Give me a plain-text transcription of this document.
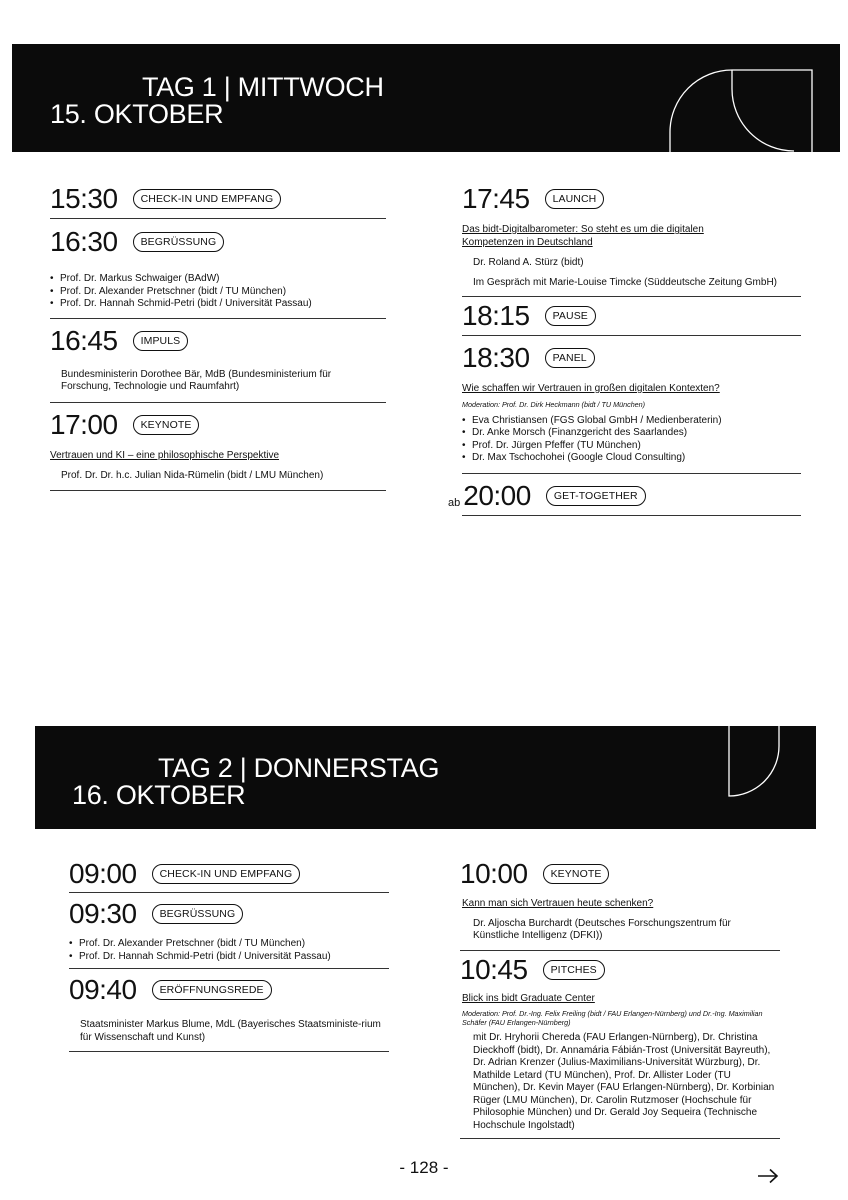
TAG 1 | MITTWOCH
15. OKTOBER
15:30	CHECK-IN UND EMPFANG
16:30	BEGRÜSSUNG
• Prof. Dr. Markus Schwaiger (BAdW)
• Prof. Dr. Alexander Pretschner (bidt / TU München)
• Prof. Dr. Hannah Schmid-Petri (bidt / Universität Passau)
16:45	IMPULS
Bundesministerin Dorothee Bär, MdB (Bundesministerium für Forschung, Technologie und Raumfahrt)
17:00	KEYNOTE
Vertrauen und KI – eine philosophische Perspektive
Prof. Dr. Dr. h.c. Julian Nida-Rümelin (bidt / LMU München)
17:45	LAUNCH
Das bidt-Digitalbarometer: So steht es um die digitalen Kompetenzen in Deutschland
Dr. Roland A. Stürz (bidt)
Im Gespräch mit Marie-Louise Timcke (Süddeutsche Zeitung GmbH)
18:15	PAUSE
18:30	PANEL
Wie schaffen wir Vertrauen in großen digitalen Kontexten?
Moderation: Prof. Dr. Dirk Heckmann (bidt / TU München)
• Eva Christiansen (FGS Global GmbH / Medienberaterin)
• Dr. Anke Morsch (Finanzgericht des Saarlandes)
• Prof. Dr. Jürgen Pfeffer (TU München)
• Dr. Max Tschochohei (Google Cloud Consulting)
ab 20:00	GET-TOGETHER
TAG 2 | DONNERSTAG
16. OKTOBER
09:00	CHECK-IN UND EMPFANG
09:30	BEGRÜSSUNG
• Prof. Dr. Alexander Pretschner (bidt / TU München)
• Prof. Dr. Hannah Schmid-Petri (bidt / Universität Passau)
09:40	ERÖFFNUNGSREDE
Staatsminister Markus Blume, MdL (Bayerisches Staatsministe-rium für Wissenschaft und Kunst)
10:00	KEYNOTE
Kann man sich Vertrauen heute schenken?
Dr. Aljoscha Burchardt (Deutsches Forschungszentrum für Künstliche Intelligenz (DFKI))
10:45	PITCHES
Blick ins bidt Graduate Center
Moderation: Prof. Dr.-Ing. Felix Freiling (bidt / FAU Erlangen-Nürnberg) und Dr.-Ing. Maximilian Schäfer (FAU Erlangen-Nürnberg)
mit Dr. Hryhorii Chereda (FAU Erlangen-Nürnberg), Dr. Christina Dieckhoff (bidt), Dr. Annamária Fábián-Trost (Universität Bayreuth), Dr. Adrian Krenzer (Julius-Maximilians-Universität Würzburg), Dr. Mathilde Letard (TU München), Prof. Dr. Allister Loder (TU München), Dr. Kevin Mayer (FAU Erlangen-Nürnberg), Dr. Korbinian Rüger (LMU München), Dr. Carolin Rutzmoser (Hochschule für Philosophie München) und Dr. Gerald Joy Sequeira (Technische Hochschule Ingolstadt)
- 128 -
